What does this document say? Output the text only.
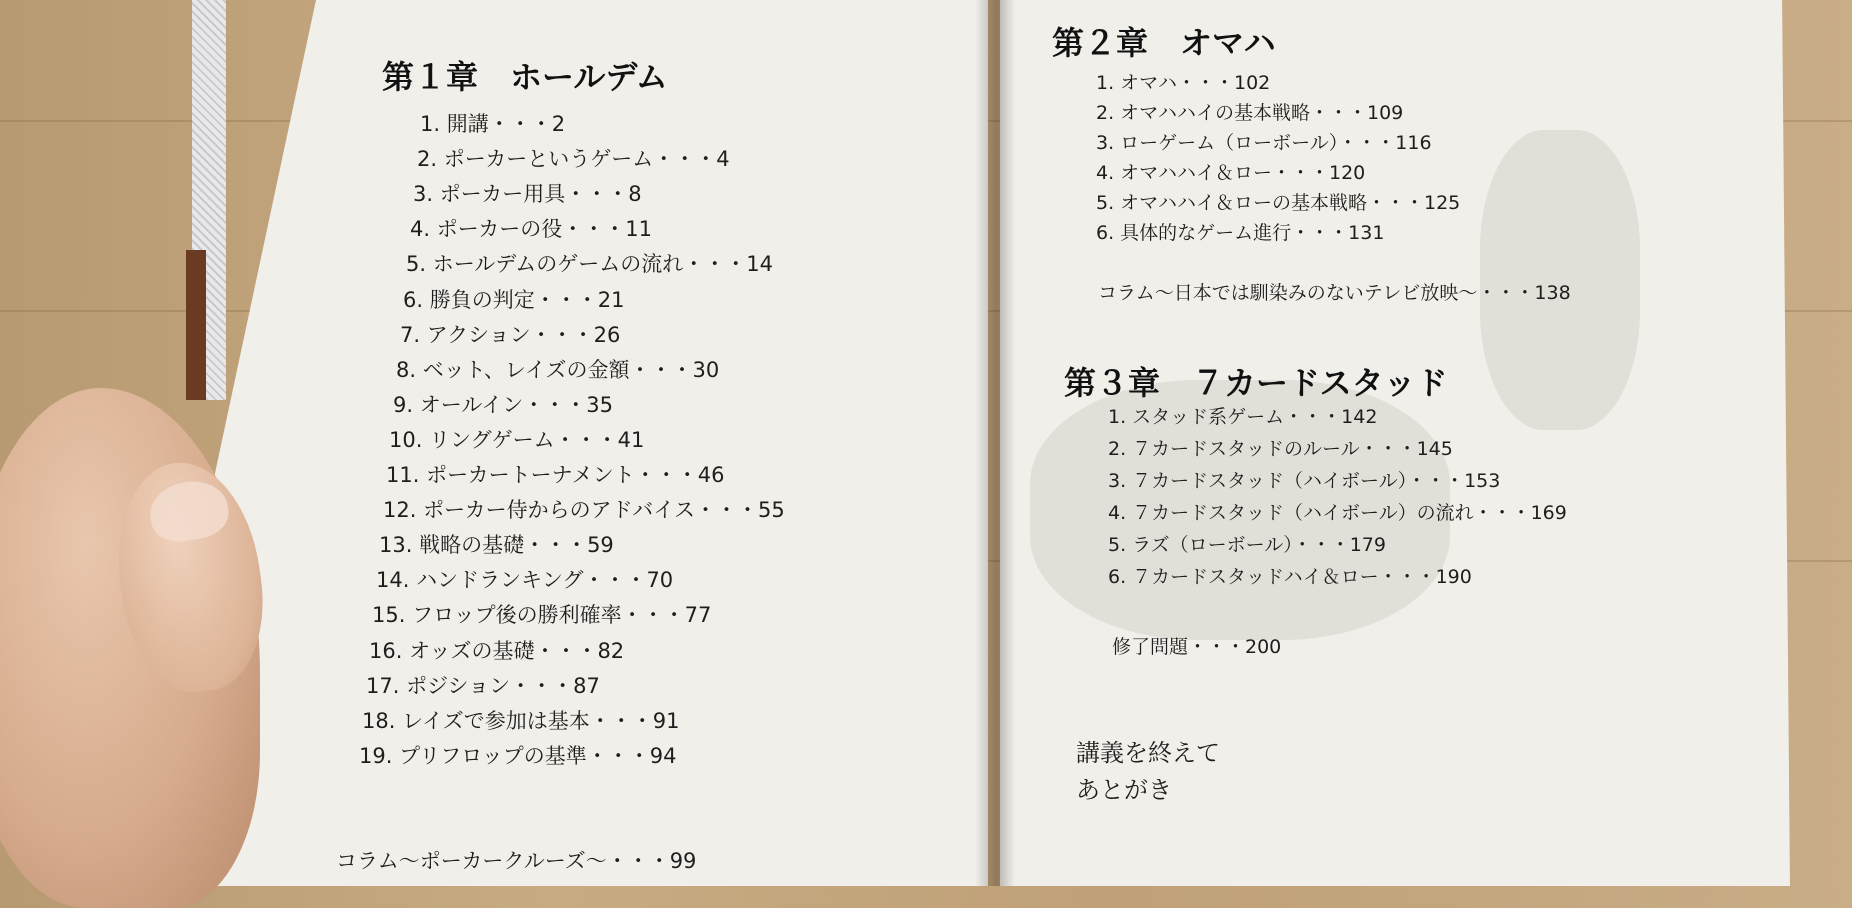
第１章　ホールデム
1. 開講・・・2
2. ポーカーというゲーム・・・4
3. ポーカー用具・・・8
4. ポーカーの役・・・11
5. ホールデムのゲームの流れ・・・14
6. 勝負の判定・・・21
7. アクション・・・26
8. ベット、レイズの金額・・・30
9. オールイン・・・35
10. リングゲーム・・・41
11. ポーカートーナメント・・・46
12. ポーカー侍からのアドバイス・・・55
13. 戦略の基礎・・・59
14. ハンドランキング・・・70
15. フロップ後の勝利確率・・・77
16. オッズの基礎・・・82
17. ポジション・・・87
18. レイズで参加は基本・・・91
19. プリフロップの基準・・・94
コラム～ポーカークルーズ～・・・99
第２章　オマハ
1. オマハ・・・102
2. オマハハイの基本戦略・・・109
3. ローゲーム（ローボール）・・・116
4. オマハハイ＆ロー・・・120
5. オマハハイ＆ローの基本戦略・・・125
6. 具体的なゲーム進行・・・131
コラム～日本では馴染みのないテレビ放映～・・・138
第３章　７カードスタッド
1. スタッド系ゲーム・・・142
2. ７カードスタッドのルール・・・145
3. ７カードスタッド（ハイボール）・・・153
4. ７カードスタッド（ハイボール）の流れ・・・169
5. ラズ（ローボール）・・・179
6. ７カードスタッドハイ＆ロー・・・190
修了問題・・・200
講義を終えて
あとがき
